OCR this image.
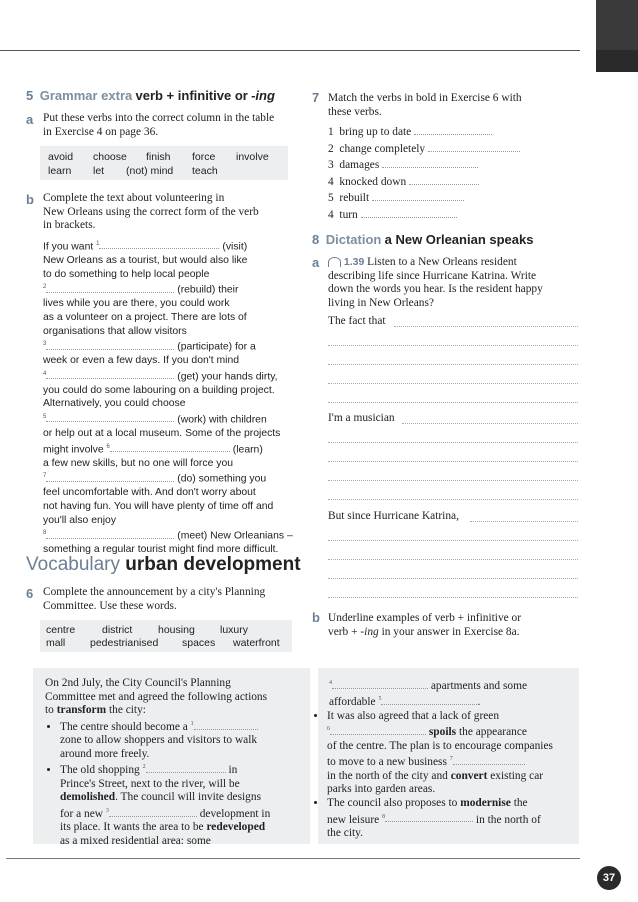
5 Grammar extra verb + infinitive or -ing
a Put these verbs into the correct column in the table
in Exercise 4 on page 36.
avoid choose finish force involve
learn let (not) mind teach
b Complete the text about volunteering in
New Orleans using the correct form of the verb
in brackets.
If you want $^1$	(visit)
New Orleans as a tourist, but would also like
to do something to help local people
$^2$	(rebuild) their
lives while you are there, you could work
as a volunteer on a project. There are lots of
organisations that allow visitors
$^3$	(participate) for a
week or even a few days. If you don't mind
$^4$	(get) your hands dirty,
you could do some labouring on a building project.
Alternatively, you could choose
$^5$	(work) with children
or help out at a local museum. Some of the projects
might involve $^6$	(learn)
a few new skills, but no one will force you
$^7$	(do) something you
feel uncomfortable with. And don't worry about
not having fun. You will have plenty of time off and
you'll also enjoy
$^8$	(meet) New Orleanians –
something a regular tourist might find more difficult.
Vocabulary urban development
6 Complete the announcement by a city's Planning
Committee. Use these words.
centre	district housing luxury
mall pedestrianised spaces waterfront
On 2nd July, the City Council's Planning
Committee met and agreed the following actions
to transform the city:
• The centre should become a $^1$
zone to allow shoppers and visitors to walk
around more freely.
• The old shopping $^2$	in
Prince's Street, next to the river, will be
demolished. The council will invite designs
for a new $^3$	development in
its place. It wants the area to be redeveloped
as a mixed residential area: some
$^4$	apartments and some
affordable $^5$	.
• It was also agreed that a lack of green
$^6$	spoils the appearance
of the centre. The plan is to encourage companies
to move to a new business $^7$
in the north of the city and convert existing car
parks into garden areas.
• The council also proposes to modernise the
new leisure $^8$	in the north of
the city.
7 Match the verbs in bold in Exercise 6 with
these verbs.
1 bring up to date
2 change completely
3 damages
4 knocked down
5 rebuilt
4 turn
8 Dictation a New Orleanian speaks
a	1.39 Listen to a New Orleans resident
describing life since Hurricane Katrina. Write
down the words you hear. Is the resident happy
living in New Orleans?
The fact that
I'm a musician
But since Hurricane Katrina,
b Underline examples of verb + infinitive or
verb + -ing in your answer in Exercise 8a.
37
